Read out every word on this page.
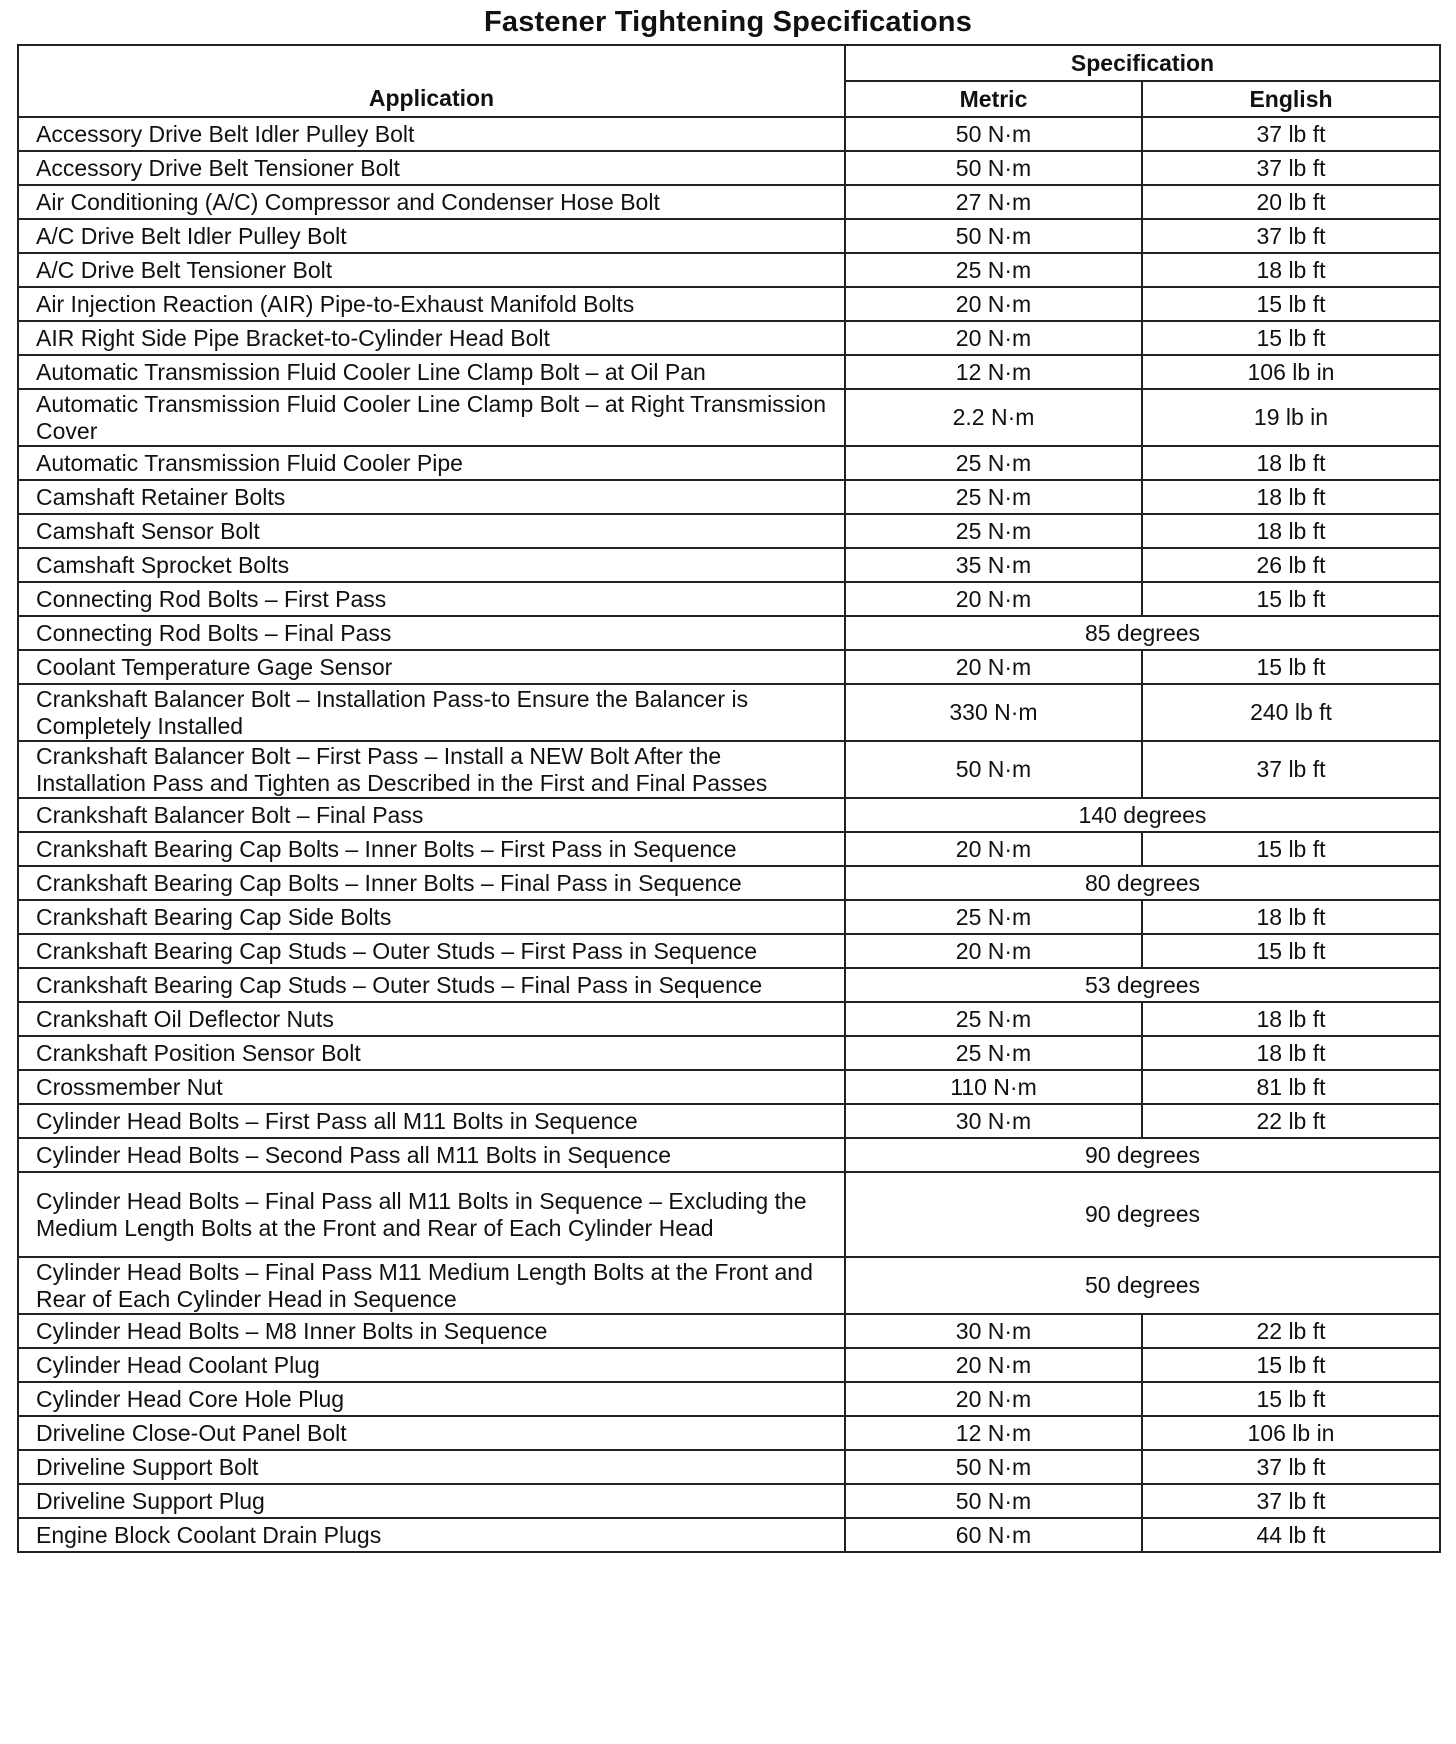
Fastener Tightening Specifications
Application	Specification	
	Metric	English
Accessory Drive Belt Idler Pulley Bolt	50 N·m	37 lb ft
Accessory Drive Belt Tensioner Bolt	50 N·m	37 lb ft
Air Conditioning (A/C) Compressor and Condenser Hose Bolt	27 N·m	20 lb ft
A/C Drive Belt Idler Pulley Bolt	50 N·m	37 lb ft
A/C Drive Belt Tensioner Bolt	25 N·m	18 lb ft
Air Injection Reaction (AIR) Pipe-to-Exhaust Manifold Bolts	20 N·m	15 lb ft
AIR Right Side Pipe Bracket-to-Cylinder Head Bolt	20 N·m	15 lb ft
Automatic Transmission Fluid Cooler Line Clamp Bolt – at Oil Pan	12 N·m	106 lb in
Automatic Transmission Fluid Cooler Line Clamp Bolt – at Right Transmission Cover	2.2 N·m	19 lb in
Automatic Transmission Fluid Cooler Pipe	25 N·m	18 lb ft
Camshaft Retainer Bolts	25 N·m	18 lb ft
Camshaft Sensor Bolt	25 N·m	18 lb ft
Camshaft Sprocket Bolts	35 N·m	26 lb ft
Connecting Rod Bolts – First Pass	20 N·m	15 lb ft
Connecting Rod Bolts – Final Pass	85 degrees	
Coolant Temperature Gage Sensor	20 N·m	15 lb ft
Crankshaft Balancer Bolt – Installation Pass-to Ensure the Balancer is Completely Installed	330 N·m	240 lb ft
Crankshaft Balancer Bolt – First Pass – Install a NEW Bolt After the Installation Pass and Tighten as Described in the First and Final Passes	50 N·m	37 lb ft
Crankshaft Balancer Bolt – Final Pass	140 degrees	
Crankshaft Bearing Cap Bolts – Inner Bolts – First Pass in Sequence	20 N·m	15 lb ft
Crankshaft Bearing Cap Bolts – Inner Bolts – Final Pass in Sequence	80 degrees	
Crankshaft Bearing Cap Side Bolts	25 N·m	18 lb ft
Crankshaft Bearing Cap Studs – Outer Studs – First Pass in Sequence	20 N·m	15 lb ft
Crankshaft Bearing Cap Studs – Outer Studs – Final Pass in Sequence	53 degrees	
Crankshaft Oil Deflector Nuts	25 N·m	18 lb ft
Crankshaft Position Sensor Bolt	25 N·m	18 lb ft
Crossmember Nut	110 N·m	81 lb ft
Cylinder Head Bolts – First Pass all M11 Bolts in Sequence	30 N·m	22 lb ft
Cylinder Head Bolts – Second Pass all M11 Bolts in Sequence	90 degrees	
Cylinder Head Bolts – Final Pass all M11 Bolts in Sequence – Excluding the Medium Length Bolts at the Front and Rear of Each Cylinder Head	90 degrees	
Cylinder Head Bolts – Final Pass M11 Medium Length Bolts at the Front and Rear of Each Cylinder Head in Sequence	50 degrees	
Cylinder Head Bolts – M8 Inner Bolts in Sequence	30 N·m	22 lb ft
Cylinder Head Coolant Plug	20 N·m	15 lb ft
Cylinder Head Core Hole Plug	20 N·m	15 lb ft
Driveline Close-Out Panel Bolt	12 N·m	106 lb in
Driveline Support Bolt	50 N·m	37 lb ft
Driveline Support Plug	50 N·m	37 lb ft
Engine Block Coolant Drain Plugs	60 N·m	44 lb ft
